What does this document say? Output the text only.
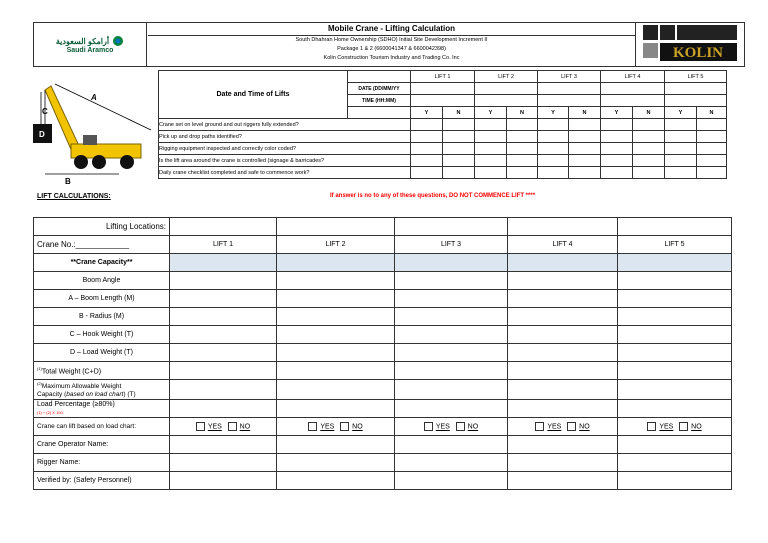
أرامكو السعودية
Saudi Aramco
Mobile Crane - Lifting Calculation
South Dhahran Home Ownership (SDHO) Initial Site Development Increment II
Package 1 & 2 (6600041347 & 6600042398)
Kolin Construction Tourism Industry and Trading Co. Inc	KOLIN
D
A
B
C
Date and Time of Lifts		LIFT 1		LIFT 2		LIFT 3		LIFT 4		LIFT 5	
	DATE (DD/MM/YY										
	TIME (HH:MM)										
		Y	N	Y	N	Y	N	Y	N	Y	N
Crane set on level ground and out riggers fully extended?											
Pick up and drop paths identified?											
Rigging equipment inspected and correctly color coded?											
Is the lift area around the crane is controlled (signage & barricades?											
Daily crane checklist completed and safe to commence work?											
LIFT CALCULATIONS:	If answer is no to any of these questions, DO NOT COMMENCE LIFT ****
Lifting Locations:					
Crane No.:____________	LIFT 1	LIFT 2	LIFT 3	LIFT 4	LIFT 5
**Crane Capacity**					
Boom Angle					
A – Boom Length (M)					
B - Radius (M)					
C – Hook Weight (T)					
D – Load Weight (T)					
$^{(1)}$Total Weight (C+D)					
$^{(2)}$Maximum Allowable Weight
Capacity (based on load chart) (T)					
Load Percentage (≥80%)
(1) ÷ (2) X 100					
Crane can lift based on load chart:	YES NO	YES NO	YES NO	YES NO	YES NO
Crane Operator Name:					
Rigger Name:					
Verified by: (Safety Personnel)					
